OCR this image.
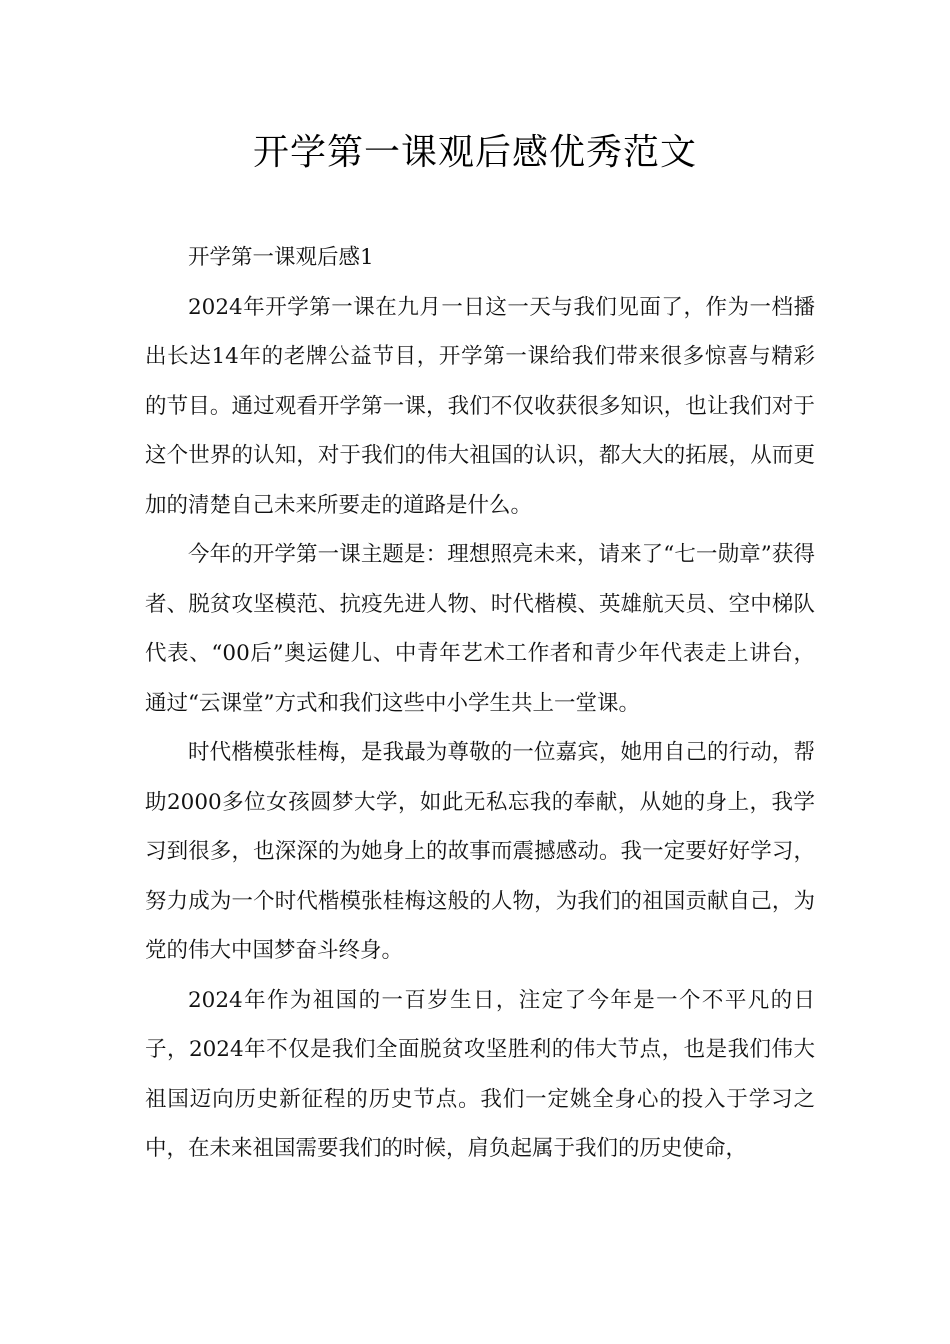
开学第一课观后感优秀范文

开学第一课观后感1

2024年开学第一课在九月一日这一天与我们见面了，作为一档播出长达14年的老牌公益节目，开学第一课给我们带来很多惊喜与精彩的节目。通过观看开学第一课，我们不仅收获很多知识，也让我们对于这个世界的认知，对于我们的伟大祖国的认识，都大大的拓展，从而更加的清楚自己未来所要走的道路是什么。

今年的开学第一课主题是：理想照亮未来，请来了“七一勋章”获得者、脱贫攻坚模范、抗疫先进人物、时代楷模、英雄航天员、空中梯队代表、“00后”奥运健儿、中青年艺术工作者和青少年代表走上讲台，通过“云课堂”方式和我们这些中小学生共上一堂课。

时代楷模张桂梅，是我最为尊敬的一位嘉宾，她用自己的行动，帮助2000多位女孩圆梦大学，如此无私忘我的奉献，从她的身上，我学习到很多，也深深的为她身上的故事而震撼感动。我一定要好好学习，努力成为一个时代楷模张桂梅这般的人物，为我们的祖国贡献自己，为党的伟大中国梦奋斗终身。

2024年作为祖国的一百岁生日，注定了今年是一个不平凡的日子，2024年不仅是我们全面脱贫攻坚胜利的伟大节点，也是我们伟大祖国迈向历史新征程的历史节点。我们一定姚全身心的投入于学习之中，在未来祖国需要我们的时候，肩负起属于我们的历史使命，
